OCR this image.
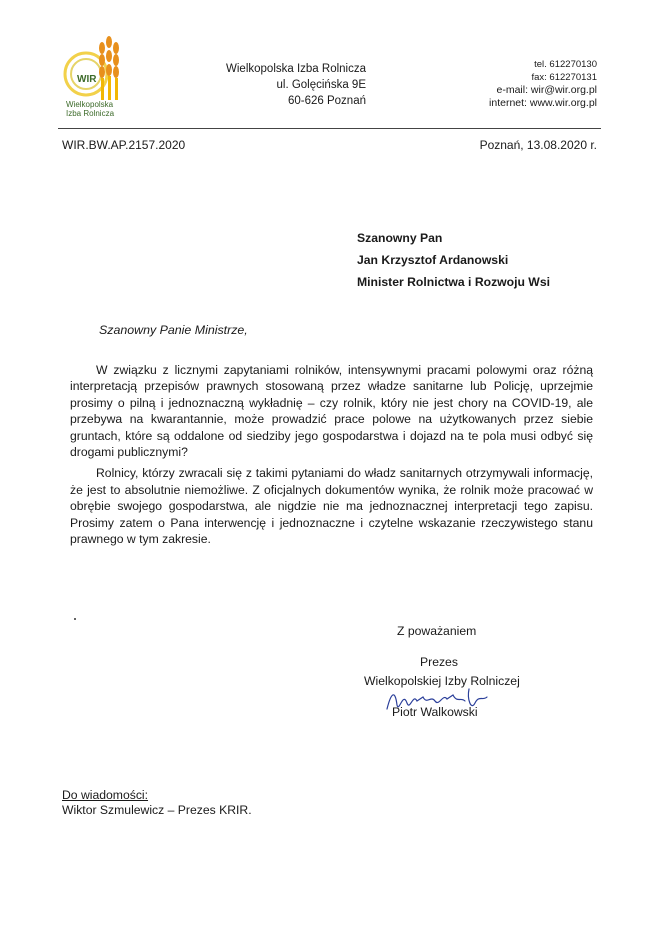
WIR
Wielkopolska
Izba Rolnicza
Wielkopolska Izba Rolnicza
ul. Golęcińska 9E
60-626 Poznań
tel. 612270130
fax: 612270131
e-mail: wir@wir.org.pl
internet: www.wir.org.pl
WIR.BW.AP.2157.2020	Poznań, 13.08.2020 r.
Szanowny Pan
Jan Krzysztof Ardanowski
Minister Rolnictwa i Rozwoju Wsi
Szanowny Panie Ministrze,

W związku z licznymi zapytaniami rolników, intensywnymi pracami polowymi oraz różną interpretacją przepisów prawnych stosowaną przez władze sanitarne lub Policję, uprzejmie prosimy o pilną i jednoznaczną wykładnię – czy rolnik, który nie jest chory na COVID-19, ale przebywa na kwarantannie, może prowadzić prace polowe na użytkowanych przez siebie gruntach, które są oddalone od siedziby jego gospodarstwa i dojazd na te pola musi odbyć się drogami publicznymi?

Rolnicy, którzy zwracali się z takimi pytaniami do władz sanitarnych otrzymywali informację, że jest to absolutnie niemożliwe. Z oficjalnych dokumentów wynika, że rolnik może pracować w obrębie swojego gospodarstwa, ale nigdzie nie ma jednoznacznej interpretacji tego zapisu. Prosimy zatem o Pana interwencję i jednoznaczne i czytelne wskazanie rzeczywistego stanu prawnego w tym zakresie.

Z poważaniem
Prezes
Wielkopolskiej Izby Rolniczej
Piotr Walkowski
Do wiadomości:
Wiktor Szmulewicz – Prezes KRIR.
